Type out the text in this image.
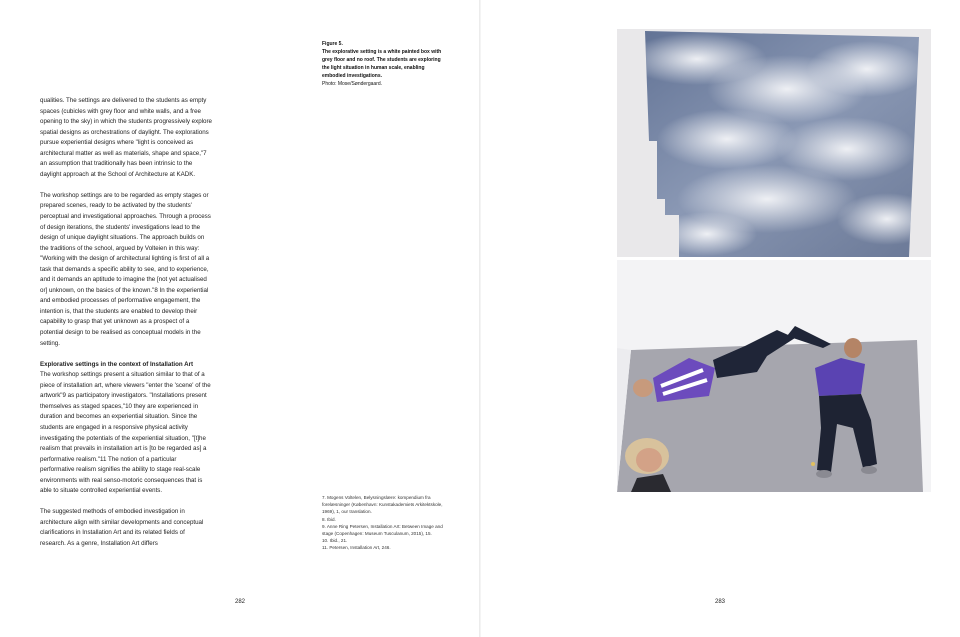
qualities. The settings are delivered to the students as empty spaces (cubicles with grey floor and white walls, and a free opening to the sky) in which the students progressively explore spatial designs as orchestrations of daylight. The explorations pursue experiential designs where "light is conceived as architectural matter as well as materials, shape and space,"7 an assumption that traditionally has been intrinsic to the daylight approach at the School of Architecture at KADK.

The workshop settings are to be regarded as empty stages or prepared scenes, ready to be activated by the students' perceptual and investigational approaches. Through a process of design iterations, the students' investigations lead to the design of unique daylight situations. The approach builds on the traditions of the school, argued by Volteien in this way: "Working with the design of architectural lighting is first of all a task that demands a specific ability to see, and to experience, and it demands an aptitude to imagine the [not yet actualised or] unknown, on the basics of the known."8 In the experiential and embodied processes of performative engagement, the intention is, that the students are enabled to develop their capability to grasp that yet unknown as a prospect of a potential design to be realised as conceptual models in the setting.

Explorative settings in the context of Installation Art

The workshop settings present a situation similar to that of a piece of installation art, where viewers "enter the 'scene' of the artwork"9 as participatory investigators. "Installations present themselves as staged spaces,"10 they are experienced in duration and becomes an experiential situation. Since the students are engaged in a responsive physical activity investigating the potentials of the experiential situation, "[t]he realism that prevails in installation art is [to be regarded as] a performative realism."11 The notion of a particular performative realism signifies the ability to stage real-scale environments with real senso-motoric consequences that is able to situate controlled experiential events.

The suggested methods of embodied investigation in architecture align with similar developments and conceptual clarifications in Installation Art and its related fields of research. As a genre, Installation Art differs

Figure 5.
The explorative setting is a white painted box with grey floor and no roof. The students are exploring the light situation in human scale, enabling embodied investigations.
Photo: Mose/Søndergaard.
7. Mogens Voltelen, Belysningslære: kompendium fra forelæsninger (København: Kunstakademiets Arkitektskole, 1969), 1, our translation.
8. Ibid.
9. Anne Ring Petersen, Installation Art: Between Image and stage (Copenhagen: Museum Tusculanum, 2015), 15.
10. Ibid., 21.
11. Petersen, Installation Art, 246.
282	283
